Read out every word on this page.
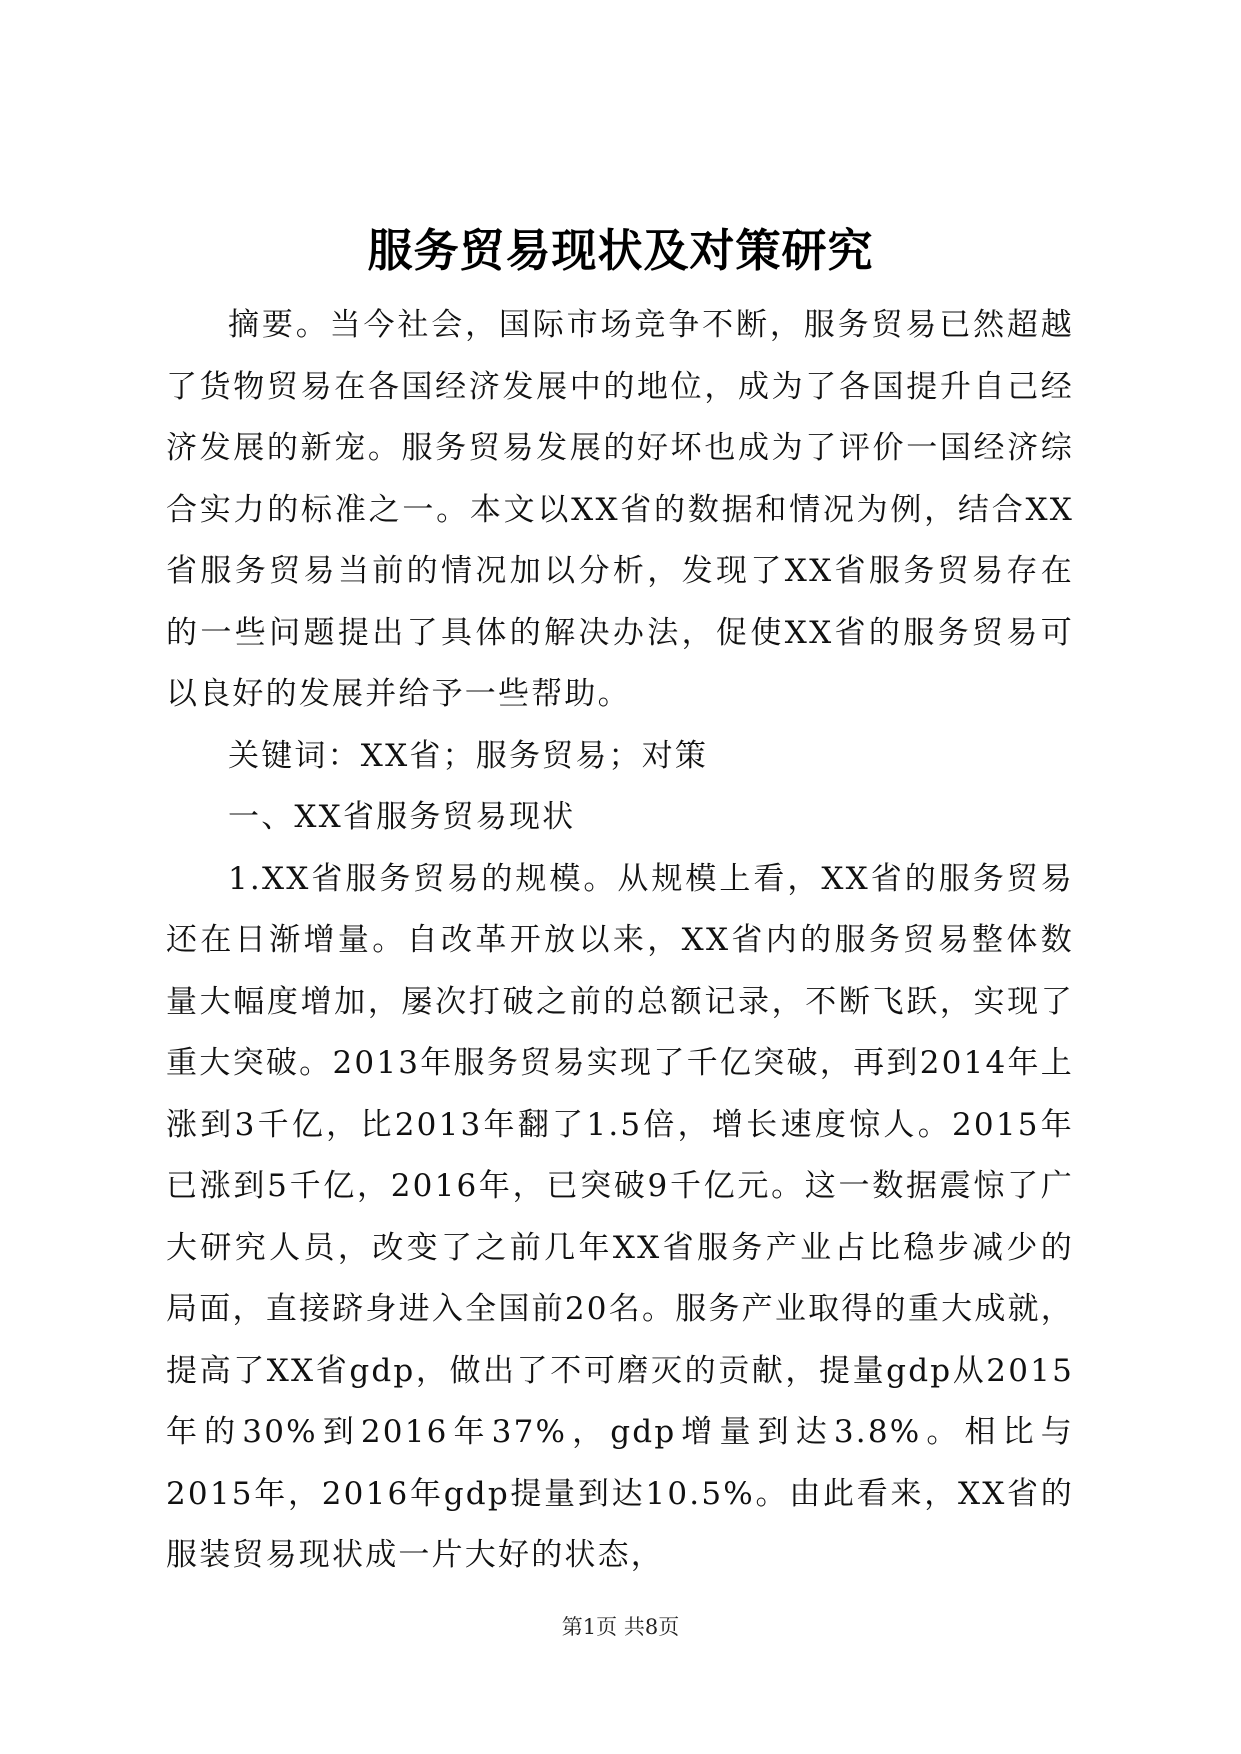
服务贸易现状及对策研究

摘要。当今社会，国际市场竞争不断，服务贸易已然超越了货物贸易在各国经济发展中的地位，成为了各国提升自己经济发展的新宠。服务贸易发展的好坏也成为了评价一国经济综合实力的标准之一。本文以XX省的数据和情况为例，结合XX省服务贸易当前的情况加以分析，发现了XX省服务贸易存在的一些问题提出了具体的解决办法，促使XX省的服务贸易可以良好的发展并给予一些帮助。

关键词：XX省；服务贸易；对策

一、XX省服务贸易现状

1.XX省服务贸易的规模。从规模上看，XX省的服务贸易还在日渐增量。自改革开放以来，XX省内的服务贸易整体数量大幅度增加，屡次打破之前的总额记录，不断飞跃，实现了重大突破。2013年服务贸易实现了千亿突破，再到2014年上涨到3千亿，比2013年翻了1.5倍，增长速度惊人。2015年已涨到5千亿，2016年，已突破9千亿元。这一数据震惊了广大研究人员，改变了之前几年XX省服务产业占比稳步减少的局面，直接跻身进入全国前20名。服务产业取得的重大成就，提高了XX省gdp，做出了不可磨灭的贡献，提量gdp从2015年的30%到2016年37%，gdp增量到达3.8%。相比与2015年，2016年gdp提量到达10.5%。由此看来，XX省的服装贸易现状成一片大好的状态，

第1页 共8页
